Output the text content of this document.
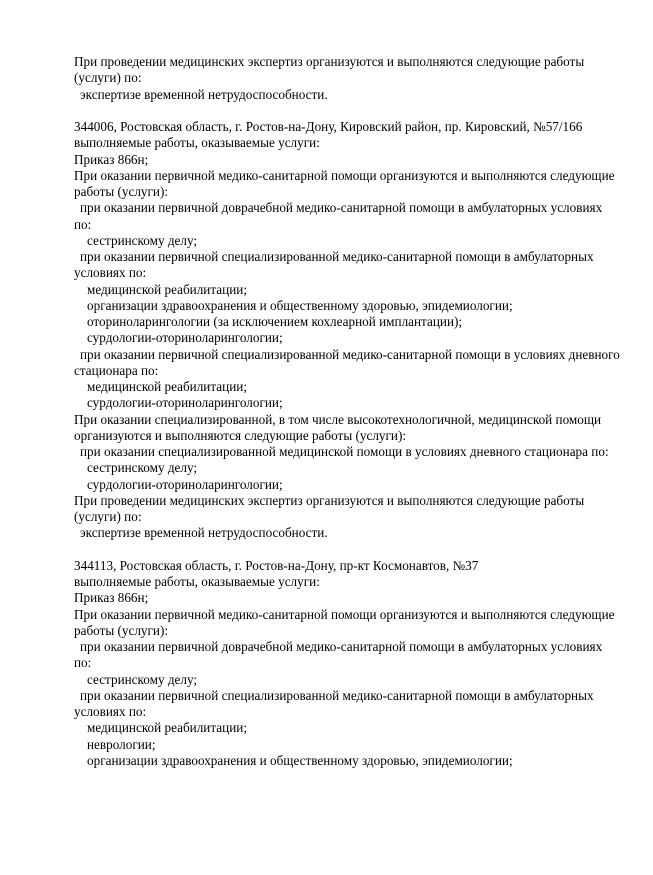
При проведении медицинских экспертиз организуются и выполняются следующие работы
(услуги) по:
экспертизе временной нетрудоспособности.
344006, Ростовская область, г. Ростов-на-Дону, Кировский район, пр. Кировский, №57/166
выполняемые работы, оказываемые услуги:
Приказ 866н;
При оказании первичной медико-санитарной помощи организуются и выполняются следующие
работы (услуги):
при оказании первичной доврачебной медико-санитарной помощи в амбулаторных условиях
по:
сестринскому делу;
при оказании первичной специализированной медико-санитарной помощи в амбулаторных
условиях по:
медицинской реабилитации;
организации здравоохранения и общественному здоровью, эпидемиологии;
оториноларингологии (за исключением кохлеарной имплантации);
сурдологии-оториноларингологии;
при оказании первичной специализированной медико-санитарной помощи в условиях дневного
стационара по:
медицинской реабилитации;
сурдологии-оториноларингологии;
При оказании специализированной, в том числе высокотехнологичной, медицинской помощи
организуются и выполняются следующие работы (услуги):
при оказании специализированной медицинской помощи в условиях дневного стационара по:
сестринскому делу;
сурдологии-оториноларингологии;
При проведении медицинских экспертиз организуются и выполняются следующие работы
(услуги) по:
экспертизе временной нетрудоспособности.
344113, Ростовская область, г. Ростов-на-Дону, пр-кт Космонавтов, №37
выполняемые работы, оказываемые услуги:
Приказ 866н;
При оказании первичной медико-санитарной помощи организуются и выполняются следующие
работы (услуги):
при оказании первичной доврачебной медико-санитарной помощи в амбулаторных условиях
по:
сестринскому делу;
при оказании первичной специализированной медико-санитарной помощи в амбулаторных
условиях по:
медицинской реабилитации;
неврологии;
организации здравоохранения и общественному здоровью, эпидемиологии;
